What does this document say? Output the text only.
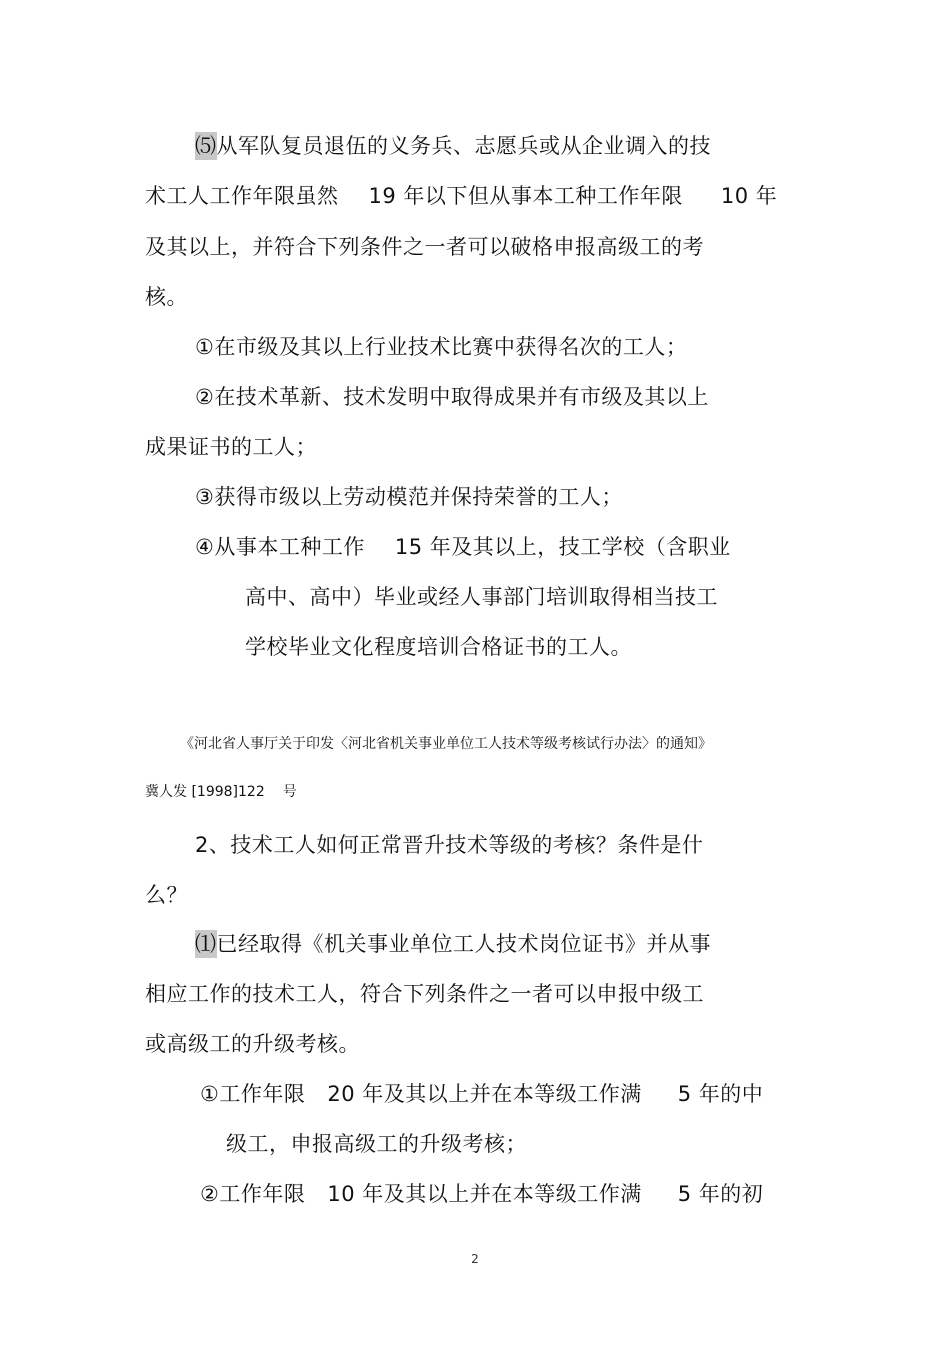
⑸从军队复员退伍的义务兵、志愿兵或从企业调入的技
术工人工作年限虽然 19 年以下但从事本工种工作年限 10 年
及其以上，并符合下列条件之一者可以破格申报高级工的考
核。
①在市级及其以上行业技术比赛中获得名次的工人；
②在技术革新、技术发明中取得成果并有市级及其以上
成果证书的工人；
③获得市级以上劳动模范并保持荣誉的工人；
④从事本工种工作 15 年及其以上，技工学校（含职业
高中、高中）毕业或经人事部门培训取得相当技工
学校毕业文化程度培训合格证书的工人。
《河北省人事厅关于印发〈河北省机关事业单位工人技术等级考核试行办法〉的通知》
冀人发 [1998]122 号
2、技术工人如何正常晋升技术等级的考核？条件是什
么？
⑴已经取得《机关事业单位工人技术岗位证书》并从事
相应工作的技术工人，符合下列条件之一者可以申报中级工
或高级工的升级考核。
①工作年限 20 年及其以上并在本等级工作满 5 年的中
级工，申报高级工的升级考核；
②工作年限 10 年及其以上并在本等级工作满 5 年的初
2
